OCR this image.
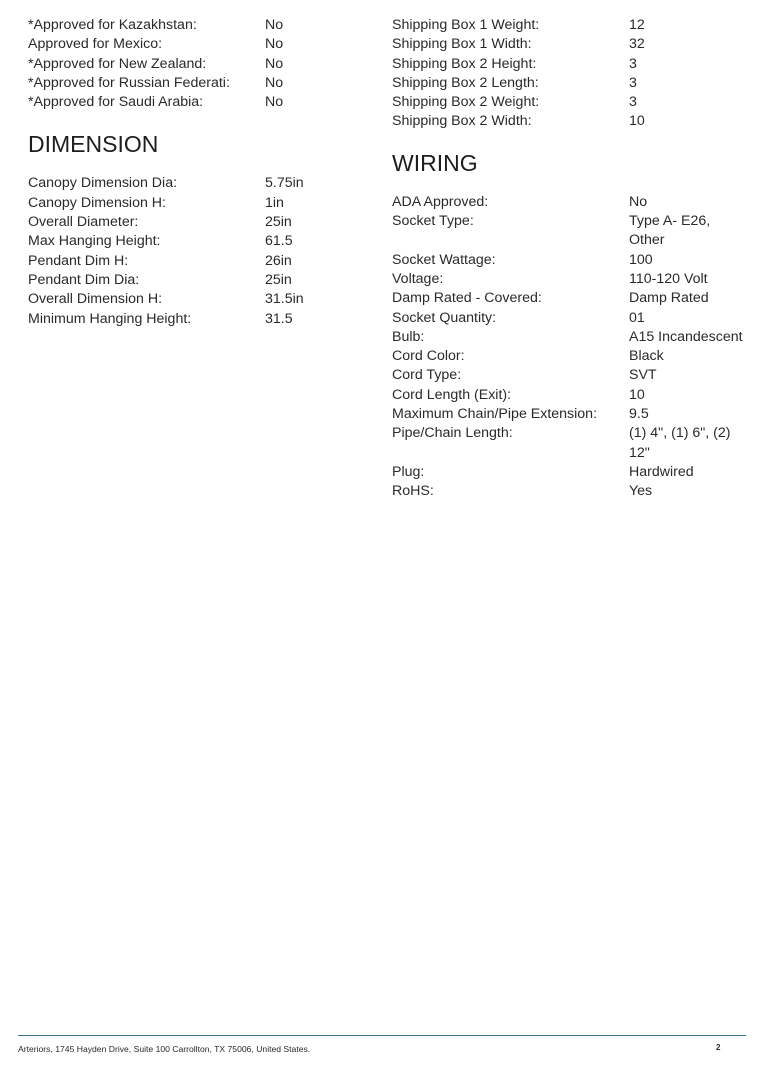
*Approved for Kazakhstan:	No
Approved for Mexico:	No
*Approved for New Zealand:	No
*Approved for Russian Federati:	No
*Approved for Saudi Arabia:	No
DIMENSION
Canopy Dimension Dia:	5.75in
Canopy Dimension H:	1in
Overall Diameter:	25in
Max Hanging Height:	61.5
Pendant Dim H:	26in
Pendant Dim Dia:	25in
Overall Dimension H:	31.5in
Minimum Hanging Height:	31.5
Shipping Box 1 Weight:	12
Shipping Box 1 Width:	32
Shipping Box 2 Height:	3
Shipping Box 2 Length:	3
Shipping Box 2 Weight:	3
Shipping Box 2 Width:	10
WIRING
ADA Approved:	No
Socket Type:	Type A- E26, Other
Socket Wattage:	100
Voltage:	110-120 Volt
Damp Rated - Covered:	Damp Rated
Socket Quantity:	01
Bulb:	A15 Incandescent
Cord Color:	Black
Cord Type:	SVT
Cord Length (Exit):	10
Maximum Chain/Pipe Extension:	9.5
Pipe/Chain Length:	(1) 4", (1) 6", (2) 12"
Plug:	Hardwired
RoHS:	Yes
Arteriors, 1745 Hayden Drive, Suite 100 Carrollton, TX 75006, United States.	2
